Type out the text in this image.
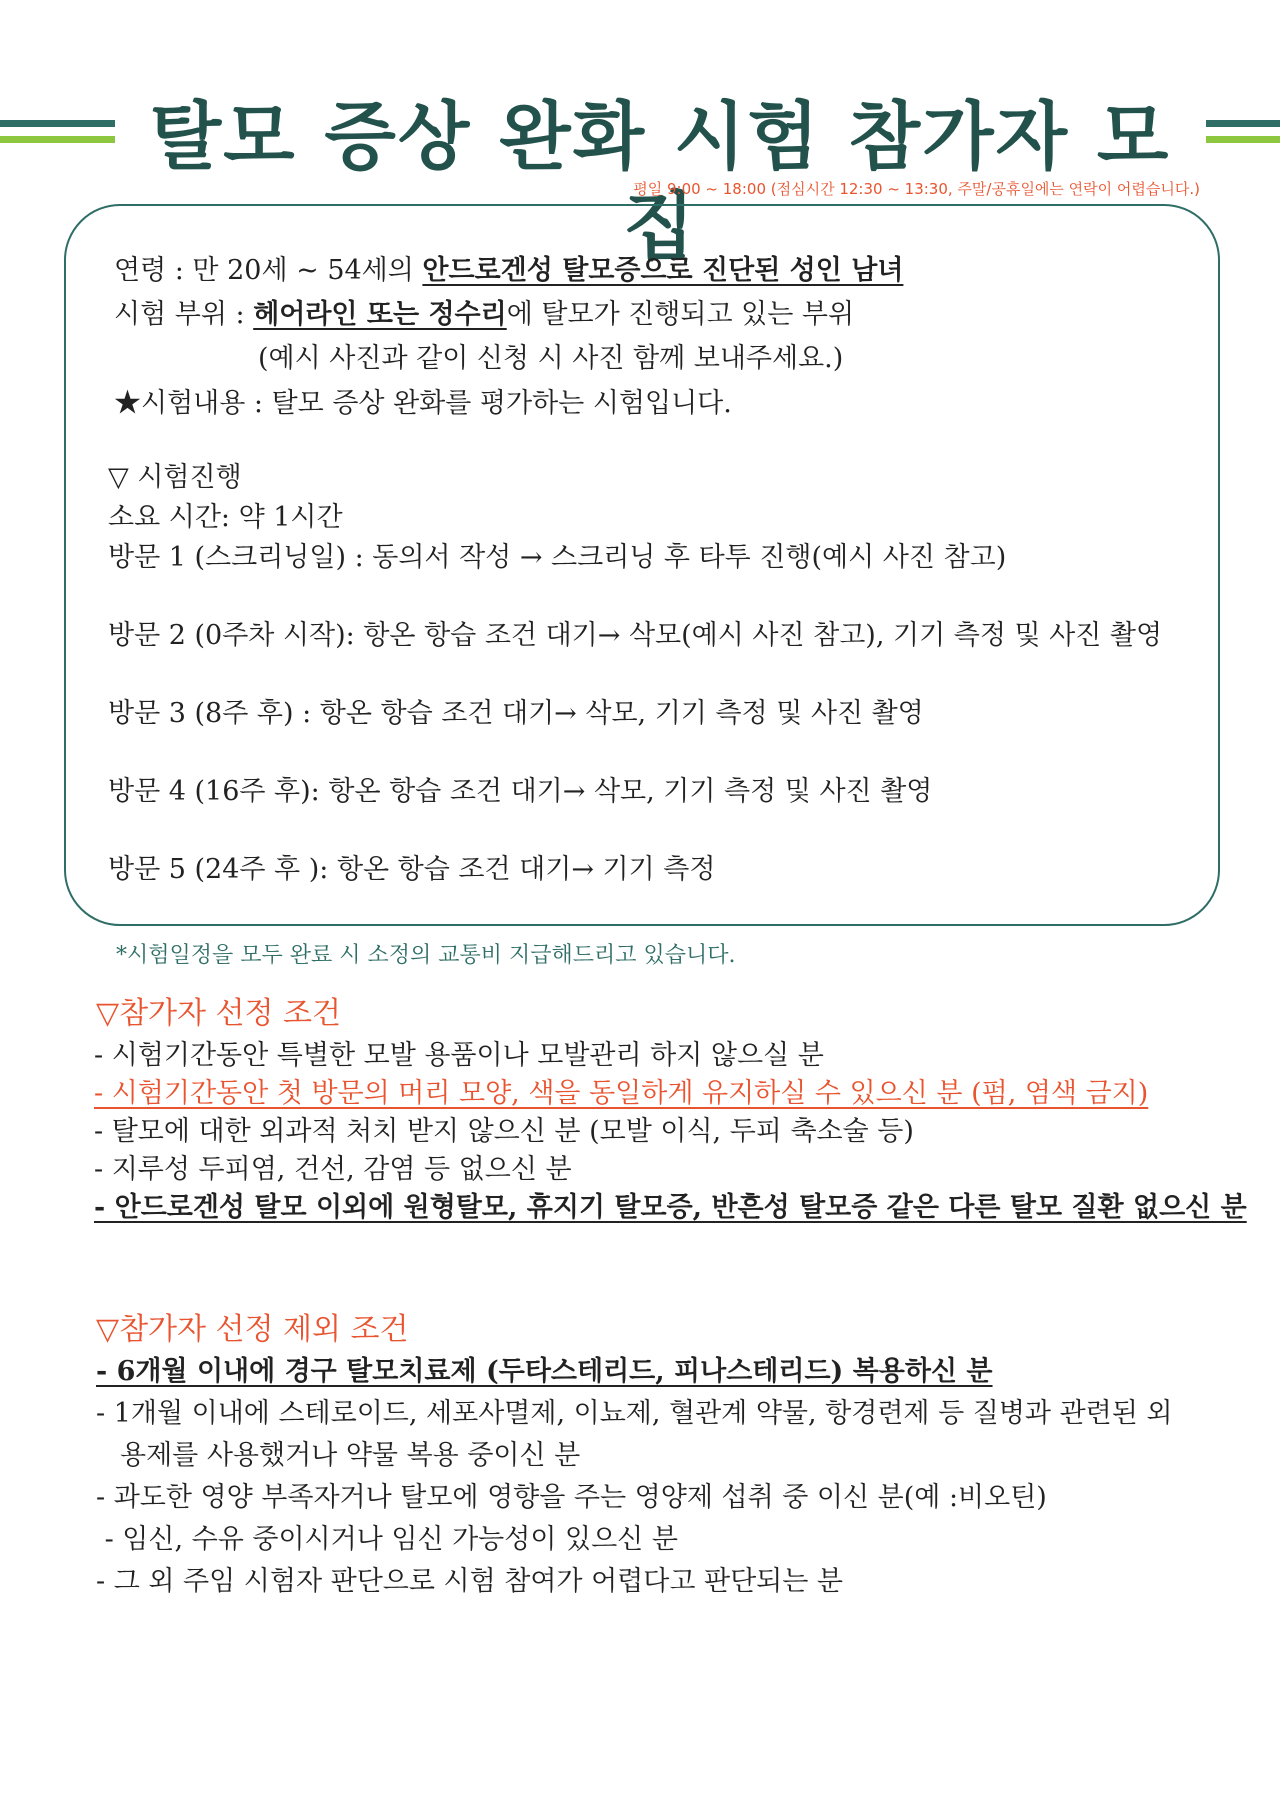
탈모 증상 완화 시험 참가자 모집
평일 9:00 ~ 18:00 (점심시간 12:30 ~ 13:30, 주말/공휴일에는 연락이 어렵습니다.)
연령 : 만 20세 ~ 54세의 안드로겐성 탈모증으로 진단된 성인 남녀
시험 부위 : 헤어라인 또는 정수리에 탈모가 진행되고 있는 부위
(예시 사진과 같이 신청 시 사진 함께 보내주세요.)
★시험내용 : 탈모 증상 완화를 평가하는 시험입니다.
▽ 시험진행
소요 시간: 약 1시간
방문 1 (스크리닝일) : 동의서 작성 → 스크리닝 후 타투 진행(예시 사진 참고)
방문 2 (0주차 시작): 항온 항습 조건 대기→ 삭모(예시 사진 참고), 기기 측정 및 사진 촬영
방문 3 (8주 후) : 항온 항습 조건 대기→ 삭모, 기기 측정 및 사진 촬영
방문 4 (16주 후): 항온 항습 조건 대기→ 삭모, 기기 측정 및 사진 촬영
방문 5 (24주 후 ): 항온 항습 조건 대기→ 기기 측정
*시험일정을 모두 완료 시 소정의 교통비 지급해드리고 있습니다.
▽참가자 선정 조건
- 시험기간동안 특별한 모발 용품이나 모발관리 하지 않으실 분
- 시험기간동안 첫 방문의 머리 모양, 색을 동일하게 유지하실 수 있으신 분 (펌, 염색 금지)
- 탈모에 대한 외과적 처치 받지 않으신 분 (모발 이식, 두피 축소술 등)
- 지루성 두피염, 건선, 감염 등 없으신 분
- 안드로겐성 탈모 이외에 원형탈모, 휴지기 탈모증, 반흔성 탈모증 같은 다른 탈모 질환 없으신 분
▽참가자 선정 제외 조건
- 6개월 이내에 경구 탈모치료제 (두타스테리드, 피나스테리드) 복용하신 분
- 1개월 이내에 스테로이드, 세포사멸제, 이뇨제, 혈관계 약물, 항경련제 등 질병과 관련된 외
용제를 사용했거나 약물 복용 중이신 분
- 과도한 영양 부족자거나 탈모에 영향을 주는 영양제 섭취 중 이신 분(예 :비오틴)
- 임신, 수유 중이시거나 임신 가능성이 있으신 분
- 그 외 주임 시험자 판단으로 시험 참여가 어렵다고 판단되는 분
